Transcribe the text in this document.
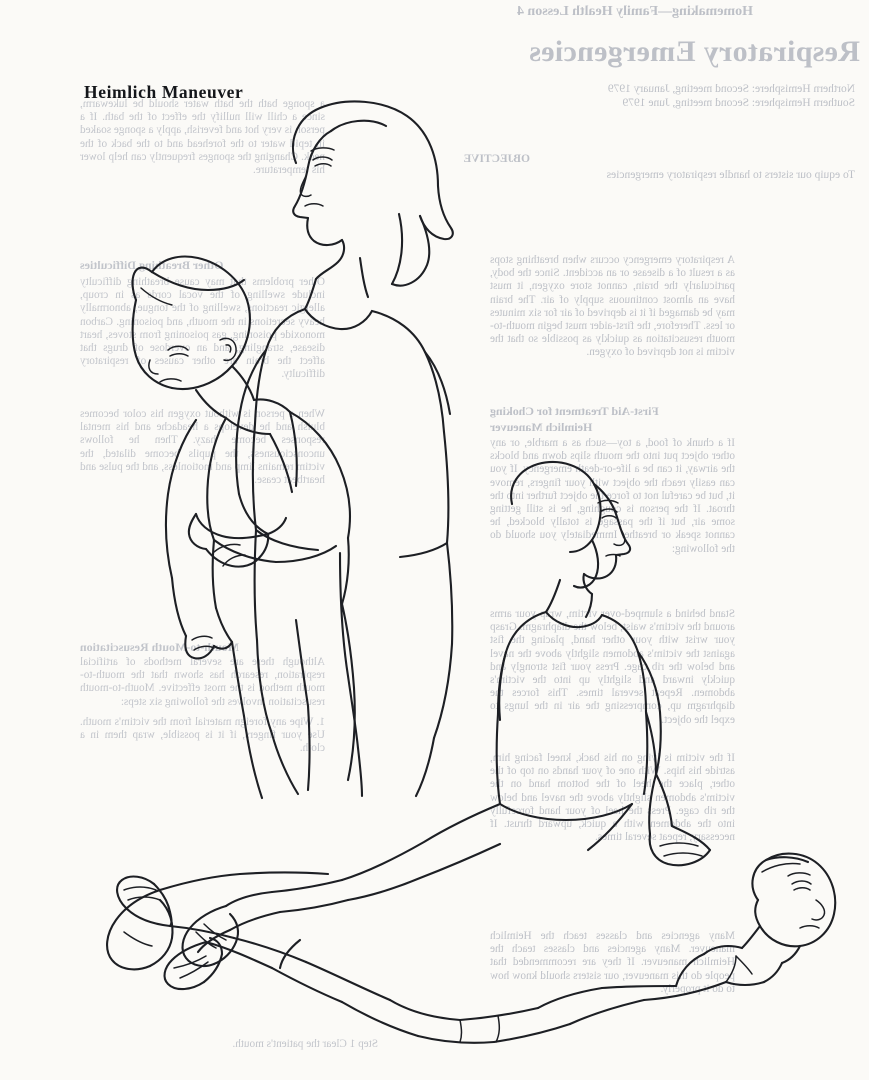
Homemaking—Family Health Lesson 4
Respiratory Emergencies
Northern Hemisphere: Second meeting, January 1979
Southern Hemisphere: Second meeting, June 1979
OBJECTIVE
To equip our sisters to handle respiratory emergencies
A respiratory emergency occurs when breathing stops as a result of a disease or an accident. Since the body, particularly the brain, cannot store oxygen, it must have an almost continuous supply of air. The brain may be damaged if it is deprived of air for six minutes or less. Therefore, the first-aider must begin mouth-to-mouth resuscitation as quickly as possible so that the victim is not deprived of oxygen.
First-Aid Treatment for Choking
Heimlich Maneuver
If a chunk of food, a toy—such as a marble, or any other object put into the mouth slips down and blocks the airway, it can be a life-or-death emergency. If you can easily reach the object with your fingers, remove it, but be careful not to force the object further into the throat. If the person is coughing, he is still getting some air, but if the passage is totally blocked, he cannot speak or breathe. Immediately you should do the following:
Stand behind a slumped-over victim, wrap your arms around the victim's waist, below the diaphragm. Grasp your wrist with your other hand, placing the fist against the victim's abdomen slightly above the navel and below the rib cage. Press your fist strongly and quickly inward and slightly up into the victim's abdomen. Repeat several times. This forces the diaphragm up, compressing the air in the lungs to expel the object.
If the victim is lying on his back, kneel facing him, astride his hips. With one of your hands on top of the other, place the heel of the bottom hand on the victim's abdomen slightly above the navel and below the rib cage. Press the heel of your hand forcefully into the abdomen with a quick, upward thrust. If necessary, repeat several times.
Many agencies and classes teach the Heimlich maneuver. Many agencies and classes teach the Heimlich maneuver. If they are recommended that people do this maneuver, our sisters should know how to do it properly.
a sponge bath the bath water should be lukewarm, since a chill will nullify the effect of the bath. If a person is very hot and feverish, apply a sponge soaked in tepid water to the forehead and to the back of the neck. Changing the sponges frequently can help lower his temperature.
Other Breathing Difficulties
Other problems that may cause breathing difficulty include swelling of the vocal cords as in croup, allergic reactions, swelling of the tongue, abnormally heavy secretions in the mouth, and poisoning. Carbon monoxide poisoning, gas poisoning from stoves, heart disease, strangling, and an overdose of drugs that affect the brain are other causes of respiratory difficulty.
When a person is without oxygen his color becomes bluish and he develops a headache and his mental responses become hazy. Then he follows unconsciousness, the pupils become dilated, the victim remains limp and motionless, and the pulse and heartbeat cease.
Mouth-to-Mouth Resuscitation
Although there are several methods of artificial respiration, research has shown that the mouth-to-mouth method is the most effective. Mouth-to-mouth resuscitation involves the following six steps:
1. Wipe any foreign material from the victim's mouth. Use your fingers, if it is possible, wrap them in a cloth.
Step 1 Clear the patient's mouth.
Heimlich Maneuver
